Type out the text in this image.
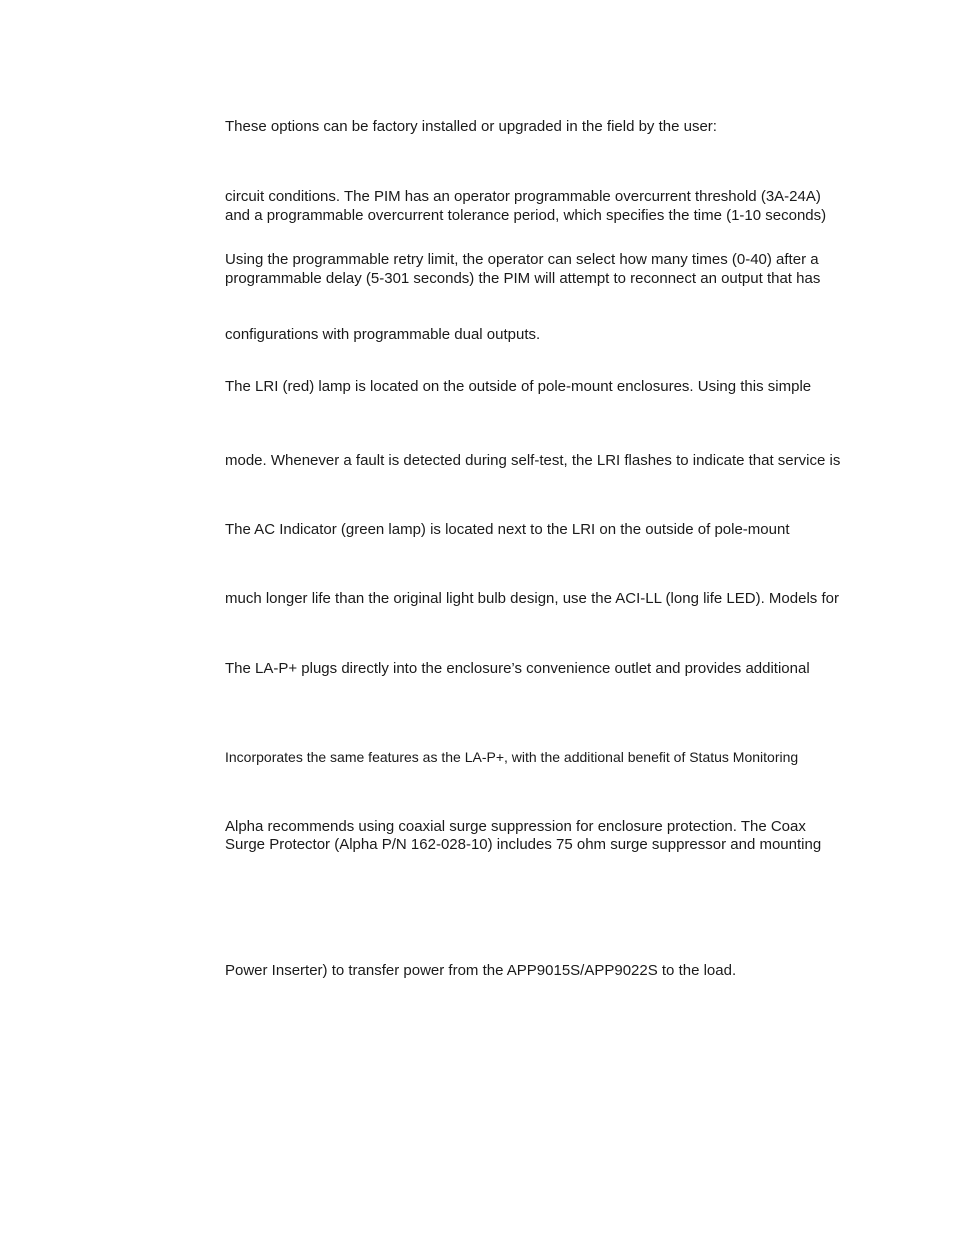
These options can be factory installed or upgraded in the field by the user:

circuit conditions. The PIM has an operator programmable overcurrent threshold (3A-24A)

and a programmable overcurrent tolerance period, which specifies the time (1-10 seconds)

Using the programmable retry limit, the operator can select how many times (0-40) after a

programmable delay (5-301 seconds) the PIM will attempt to reconnect an output that has

configurations with programmable dual outputs.

The LRI (red) lamp is located on the outside of pole-mount enclosures. Using this simple

mode. Whenever a fault is detected during self-test, the LRI flashes to indicate that service is

The AC Indicator (green lamp) is located next to the LRI on the outside of pole-mount

much longer life than the original light bulb design, use the ACI-LL (long life LED). Models for

The LA-P+ plugs directly into the enclosure’s convenience outlet and provides additional

Incorporates the same features as the LA-P+, with the additional benefit of Status Monitoring

Alpha recommends using coaxial surge suppression for enclosure protection. The Coax

Surge Protector (Alpha P/N 162-028-10) includes 75 ohm surge suppressor and mounting

Power Inserter) to transfer power from the APP9015S/APP9022S to the load.
